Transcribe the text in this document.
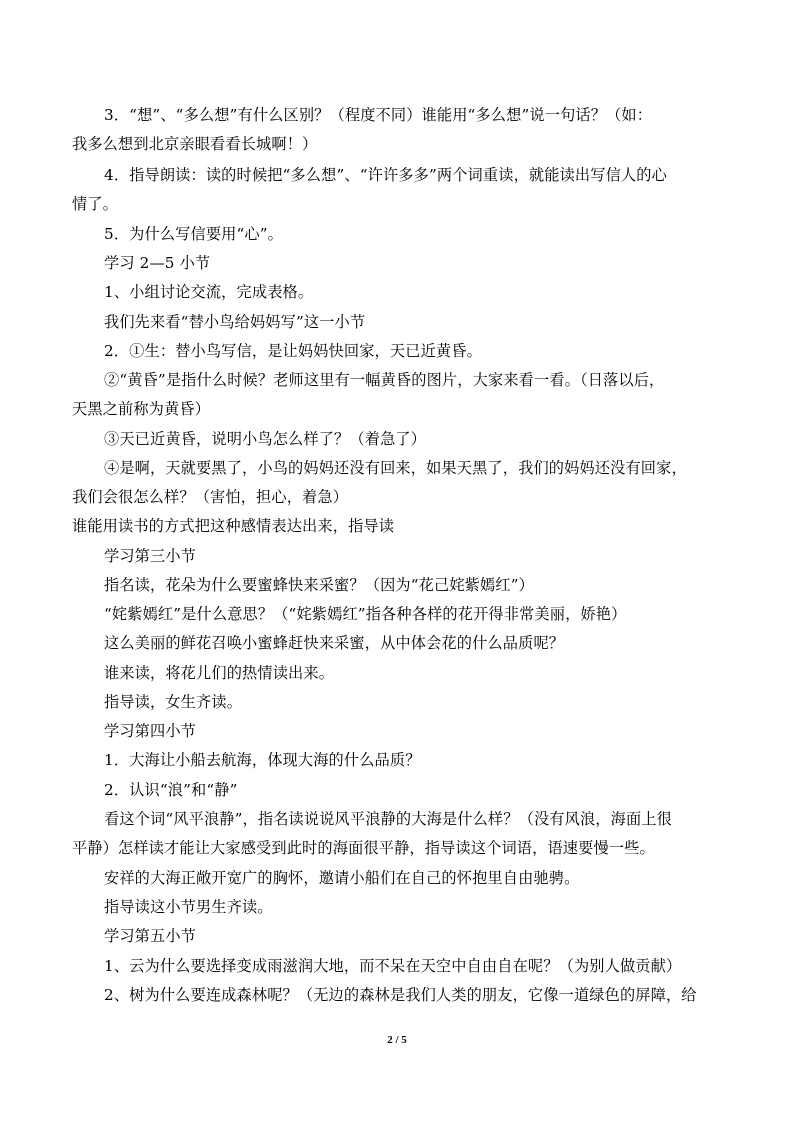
3．“想”、“多么想”有什么区别？（程度不同）谁能用“多么想”说一句话？（如：
我多么想到北京亲眼看看长城啊！）
4．指导朗读：读的时候把“多么想”、“许许多多”两个词重读，就能读出写信人的心
情了。
5．为什么写信要用“心”。
学习 2—5 小节
1、小组讨论交流，完成表格。
我们先来看“替小鸟给妈妈写”这一小节
2．①生：替小鸟写信，是让妈妈快回家，天已近黄昏。
②“黄昏”是指什么时候？老师这里有一幅黄昏的图片，大家来看一看。（日落以后，
天黑之前称为黄昏）
③天已近黄昏，说明小鸟怎么样了？（着急了）
④是啊，天就要黑了，小鸟的妈妈还没有回来，如果天黑了，我们的妈妈还没有回家，
我们会很怎么样？（害怕，担心，着急）
谁能用读书的方式把这种感情表达出来，指导读
学习第三小节
指名读，花朵为什么要蜜蜂快来采蜜？（因为“花己姹紫嫣红”）
“姹紫嫣红”是什么意思？（“姹紫嫣红”指各种各样的花开得非常美丽，娇艳）
这么美丽的鲜花召唤小蜜蜂赶快来采蜜，从中体会花的什么品质呢？
谁来读，将花儿们的热情读出来。
指导读，女生齐读。
学习第四小节
1．大海让小船去航海，体现大海的什么品质？
2．认识“浪”和“静”
看这个词“风平浪静”，指名读说说风平浪静的大海是什么样？（没有风浪，海面上很
平静）怎样读才能让大家感受到此时的海面很平静，指导读这个词语，语速要慢一些。
安祥的大海正敞开宽广的胸怀，邀请小船们在自己的怀抱里自由驰骋。
指导读这小节男生齐读。
学习第五小节
1、云为什么要选择变成雨滋润大地，而不呆在天空中自由自在呢？（为别人做贡献）
2、树为什么要连成森林呢？（无边的森林是我们人类的朋友，它像一道绿色的屏障，给
2 / 5
